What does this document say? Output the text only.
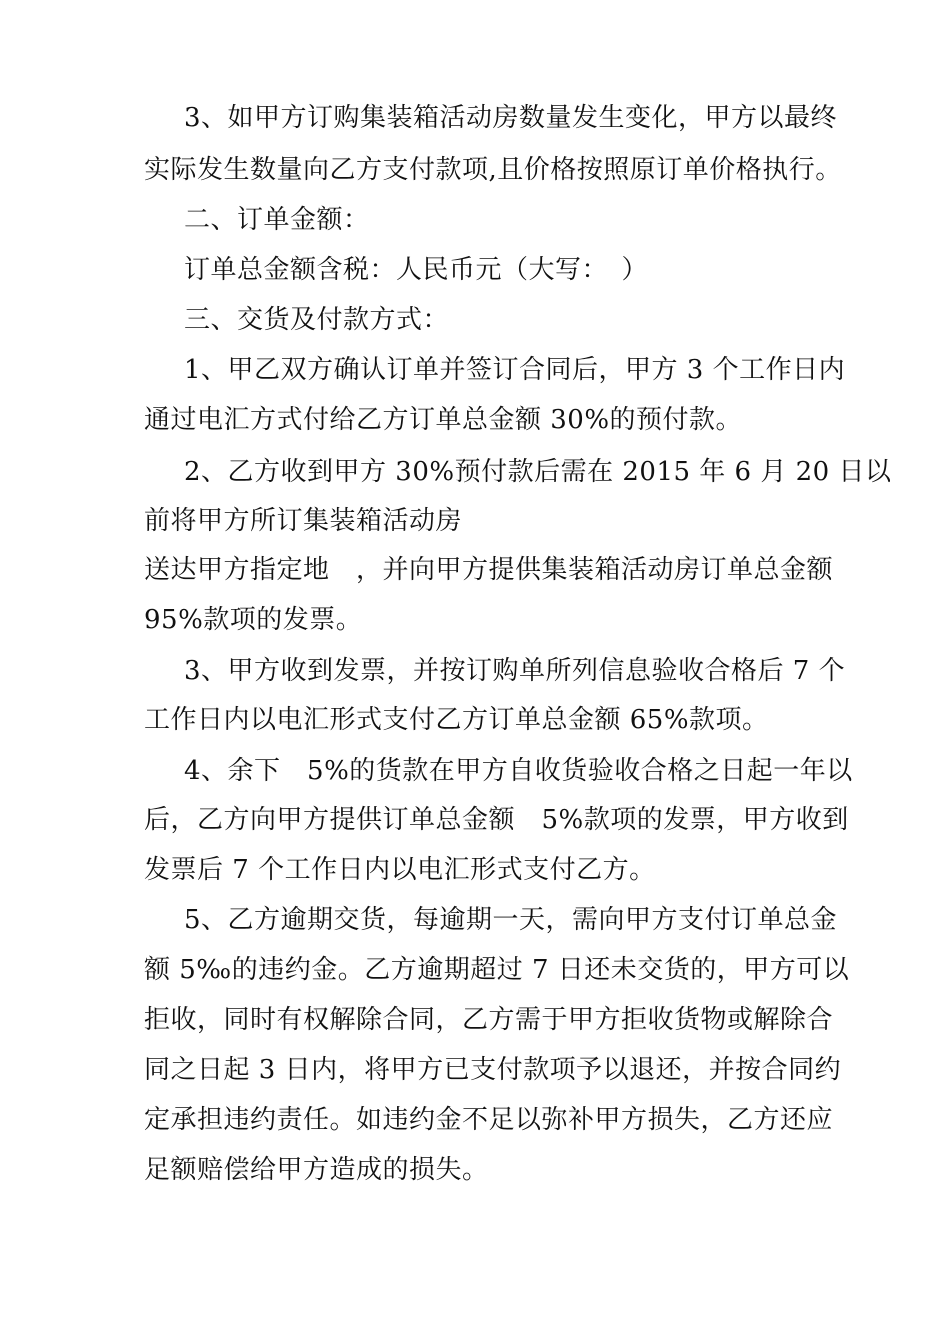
3、如甲方订购集装箱活动房数量发生变化，甲方以最终
实际发生数量向乙方支付款项,且价格按照原订单价格执行。
二、订单金额：
订单总金额含税：人民币元（大写：　）
三、交货及付款方式：
1、甲乙双方确认订单并签订合同后，甲方 3 个工作日内
通过电汇方式付给乙方订单总金额 30%的预付款。
2、乙方收到甲方 30%预付款后需在 2015 年 6 月 20 日以
前将甲方所订集装箱活动房
送达甲方指定地　，并向甲方提供集装箱活动房订单总金额
95%款项的发票。
3、甲方收到发票，并按订购单所列信息验收合格后 7 个
工作日内以电汇形式支付乙方订单总金额 65%款项。
4、余下　5%的货款在甲方自收货验收合格之日起一年以
后，乙方向甲方提供订单总金额　5%款项的发票，甲方收到
发票后 7 个工作日内以电汇形式支付乙方。
5、乙方逾期交货，每逾期一天，需向甲方支付订单总金
额 5‰的违约金。乙方逾期超过 7 日还未交货的，甲方可以
拒收，同时有权解除合同，乙方需于甲方拒收货物或解除合
同之日起 3 日内，将甲方已支付款项予以退还，并按合同约
定承担违约责任。如违约金不足以弥补甲方损失，乙方还应
足额赔偿给甲方造成的损失。
